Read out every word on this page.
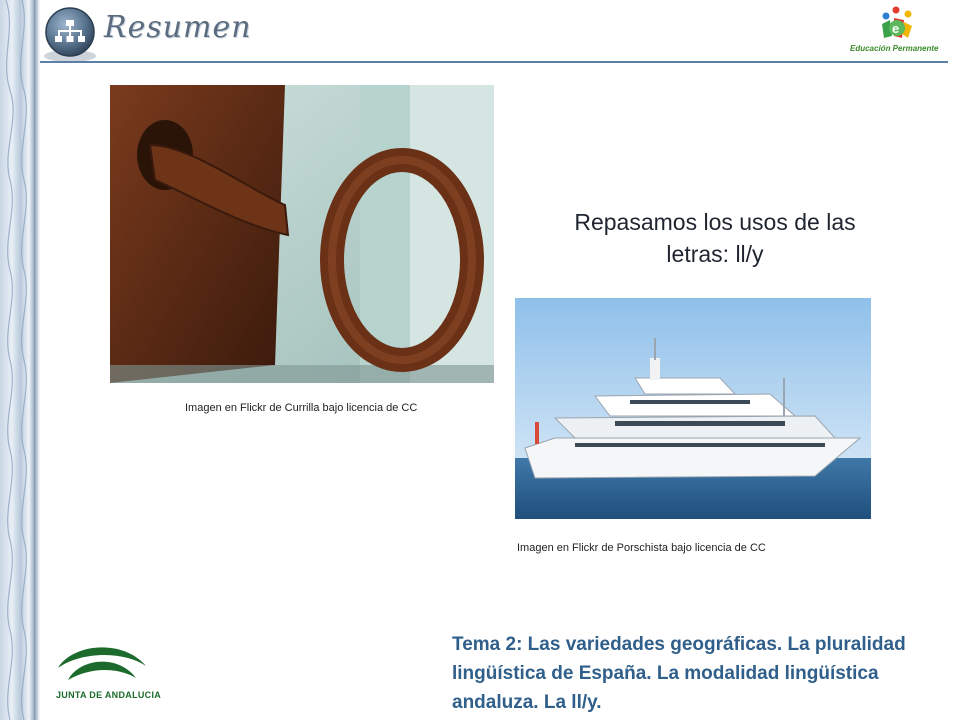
Resumen	e
Educación Permanente
Imagen en Flickr de Currilla bajo licencia de CC
Repasamos los usos de las
letras: ll/y
Imagen en Flickr de Porschista bajo licencia de CC
JUNTA DE ANDALUCIA
Tema 2: Las variedades geográficas. La pluralidad lingüística de España. La modalidad lingüística andaluza. La ll/y.
